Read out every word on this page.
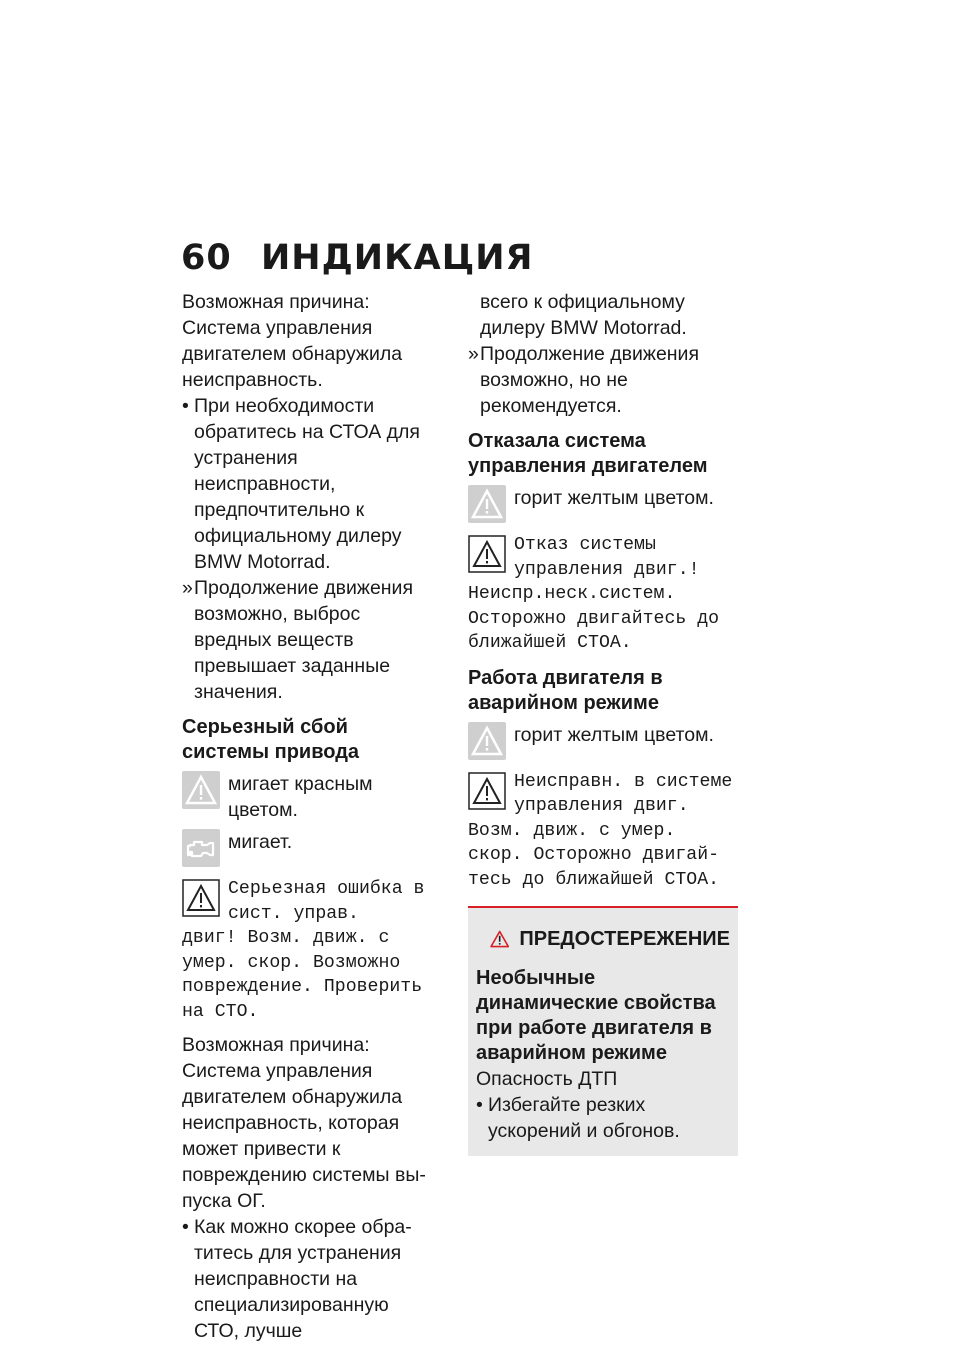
60 ИНДИКАЦИЯ

Возможная причина:

Система управления двигателем обнаружила неисправность.

• При необходимости обратитесь на СТОА для устранения неисправности, предпочтительно к официальному дилеру BMW Motorrad.
» Продолжение движения возможно, выброс вредных веществ превышает заданные значения.
Серьезный сбой системы привода
мигает красным цветом.
мигает.
Серьезная ошибка в сист. управ.
двиг! Возм. движ. с умер. скор. Возможно повреждение. Проверить на СТО.

Возможная причина:

Система управления двигателем обнаружила неисправность, которая может привести к повреждению системы выпуска ОГ.

• Как можно скорее обратитесь для устранения неисправности на специализированную СТО, лучше

всего к официальному дилеру BMW Motorrad.

» Продолжение движения возможно, но не рекомендуется.
Отказала система управления двигателем
горит желтым цветом.
Отказ системы управления двиг.!
Неиспр.неск.систем. Осторожно двигайтесь до ближайшей СТОА.
Работа двигателя в аварийном режиме
горит желтым цветом.
Неисправн. в системе управления двиг.
Возм. движ. с умер. скор. Осторожно двигайтесь до ближайшей СТОА.
ПРЕДОСТЕРЕЖЕНИЕ
Необычные динамические свойства при работе двигателя в аварийном режиме

Опасность ДТП

• Избегайте резких ускорений и обгонов.
